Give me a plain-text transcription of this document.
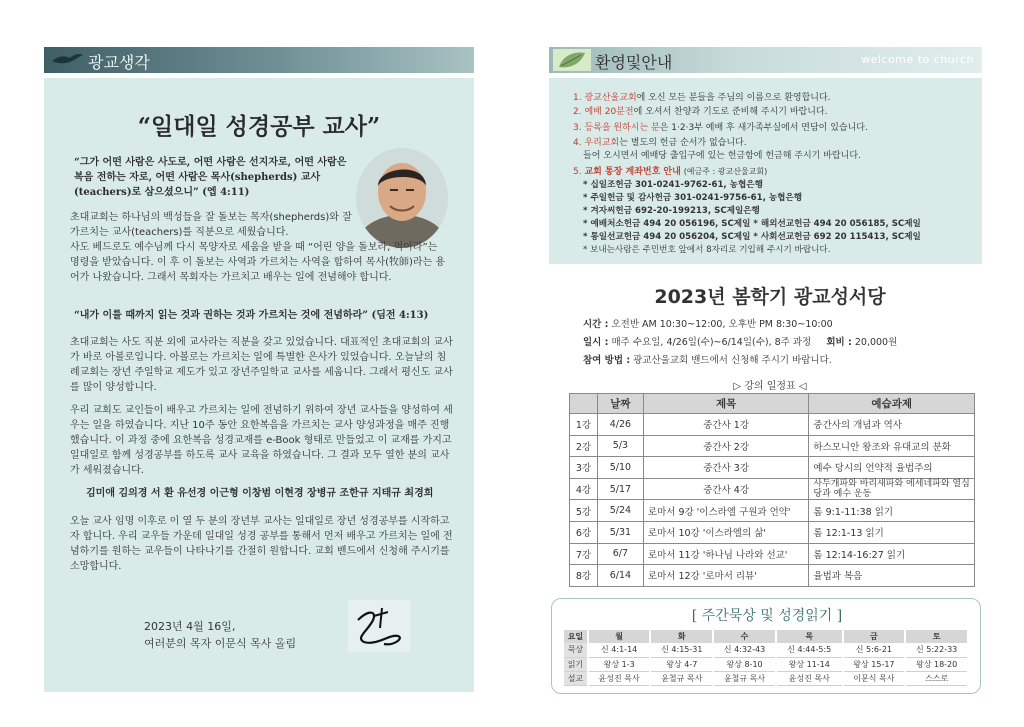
광교생각
“일대일 성경공부 교사”
“그가 어떤 사람은 사도로, 어떤 사람은 선지자로, 어떤 사람은 복음 전하는 자로, 어떤 사람은 목사(shepherds) 교사(teachers)로 삼으셨으니” (엡 4:11)
초대교회는 하나님의 백성들을 잘 돌보는 목자(shepherds)와 잘 가르치는 교사(teachers)를 직분으로 세웠습니다.
사도 베드로도 예수님께 다시 목양자로 세움을 받을 때 “어린 양을 돌보라, 먹이라”는 명령을 받았습니다. 이 후 이 돌보는 사역과 가르치는 사역을 합하여 목사(牧師)라는 용어가 나왔습니다. 그래서 목회자는 가르치고 배우는 일에 전념해야 합니다.
“내가 이를 때까지 읽는 것과 권하는 것과 가르치는 것에 전념하라” (딤전 4:13)
초대교회는 사도 직분 외에 교사라는 직분을 갖고 있었습니다. 대표적인 초대교회의 교사가 바로 아볼로입니다. 아볼로는 가르치는 일에 특별한 은사가 있었습니다. 오늘날의 침례교회는 장년 주일학교 제도가 있고 장년주일학교 교사를 세웁니다. 그래서 평신도 교사를 많이 양성합니다.
우리 교회도 교인들이 배우고 가르치는 일에 전념하기 위하여 장년 교사들을 양성하여 세우는 일을 하였습니다. 지난 10주 동안 요한복음을 가르치는 교사 양성과정을 매주 진행했습니다. 이 과정 중에 요한복음 성경교재를 e-Book 형태로 만들었고 이 교재를 가지고 일대일로 함께 성경공부를 하도록 교사 교육을 하였습니다. 그 결과 모두 열한 분의 교사가 세워졌습니다.
김미애 김의경 서 환 유선경 이근형 이창범 이현경 장병규 조한규 지태규 최경희
오늘 교사 임명 이후로 이 열 두 분의 장년부 교사는 일대일로 장년 성경공부를 시작하고자 합니다. 우리 교우들 가운데 일대일 성경 공부를 통해서 먼저 배우고 가르치는 일에 전념하기를 원하는 교우들이 나타나기를 간절히 원합니다. 교회 밴드에서 신청해 주시기를 소망합니다.
2023년 4월 16일,
여러분의 목자 이문식 목사 올림
환영및안내	welcome to church
1. 광교산울교회에 오신 모든 분들을 주님의 이름으로 환영합니다.
2. 예배 20분전에 오셔서 찬양과 기도로 준비해 주시기 바랍니다.
3. 등록을 원하시는 분은 1·2·3부 예배 후 새가족부실에서 면담이 있습니다.
4. 우리교회는 별도의 헌금 순서가 없습니다.
들어 오시면서 예배당 출입구에 있는 헌금함에 헌금해 주시기 바랍니다.
5. 교회 통장 계좌번호 안내 (예금주 : 광교산울교회)
* 십일조헌금 301-0241-9762-61, 농협은행
* 주일헌금 및 감사헌금 301-0241-9756-61, 농협은행
* 겨자씨헌금 692-20-199213, SC제일은행
* 예배처소헌금 494 20 056196, SC제일 * 해외선교헌금 494 20 056185, SC제일
* 통일선교헌금 494 20 056204, SC제일 * 사회선교헌금 692 20 115413, SC제일
* 보내는사람은 주민번호 앞에서 8자리로 기입해 주시기 바랍니다.
2023년 봄학기 광교성서당
시간 : 오전반 AM 10:30~12:00, 오후반 PM 8:30~10:00
일시 : 매주 수요일, 4/26일(수)~6/14일(수), 8주 과정 회비 : 20,000원
참여 방법 : 광교산울교회 밴드에서 신청해 주시기 바랍니다.
▷ 강의 일정표 ◁
	날짜	제목	예습과제
1강	4/26	중간사 1강	중간사의 개념과 역사
2강	5/3	중간사 2강	하스모니안 왕조와 유대교의 분화
3강	5/10	중간사 3강	예수 당시의 언약적 율법주의
4강	5/17	중간사 4강	사두개파와 바리새파와 에세네파와 열심당과 예수 운동
5강	5/24	로마서 9강 '이스라엘 구원과 언약'	롬 9:1-11:38 읽기
6강	5/31	로마서 10강 '이스라엘의 삶'	롬 12:1-13 읽기
7강	6/7	로마서 11강 '하나님 나라와 선교'	롬 12:14-16:27 읽기
8강	6/14	로마서 12강 '로마서 리뷰'	율법과 복음
[ 주간묵상 및 성경읽기 ]
요일	월	화	수	목	금	토
묵상	신 4:1-14	신 4:15-31	신 4:32-43	신 4:44-5:5	신 5:6-21	신 5:22-33
읽기	왕상 1-3	왕상 4-7	왕상 8-10	왕상 11-14	왕상 15-17	왕상 18-20
설교	윤성진 목사	윤철규 목사	윤철규 목사	윤성진 목사	이문식 목사	스스로
